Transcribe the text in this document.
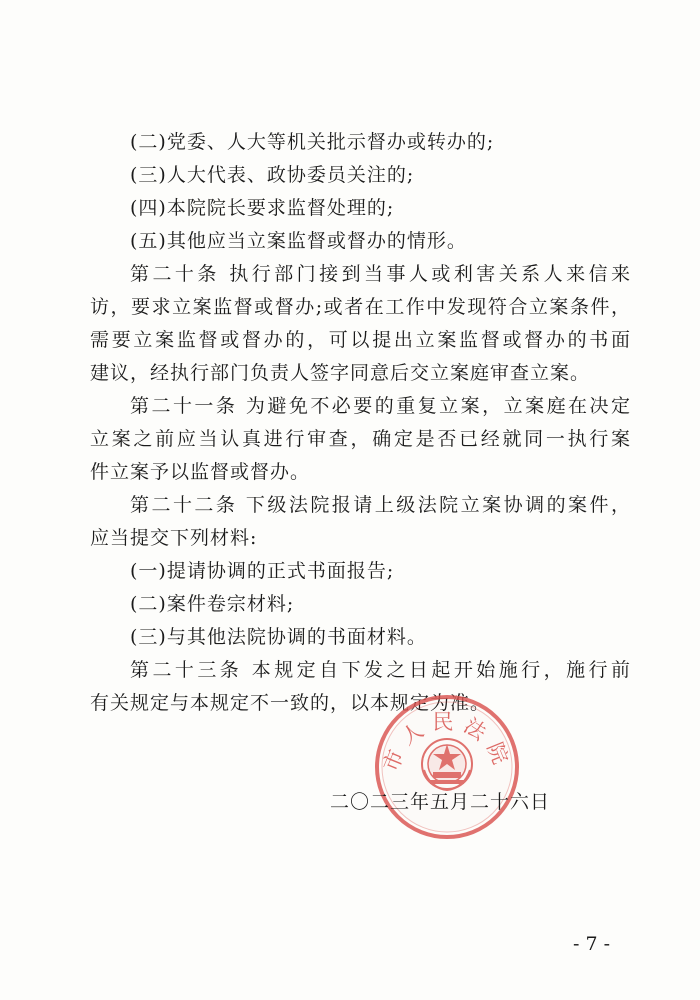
(二)党委、人大等机关批示督办或转办的;
(三)人大代表、政协委员关注的;
(四)本院院长要求监督处理的;
(五)其他应当立案监督或督办的情形。
第二十条 执行部门接到当事人或利害关系人来信来
访，要求立案监督或督办;或者在工作中发现符合立案条件，
需要立案监督或督办的，可以提出立案监督或督办的书面
建议，经执行部门负责人签字同意后交立案庭审查立案。
第二十一条 为避免不必要的重复立案，立案庭在决定
立案之前应当认真进行审查，确定是否已经就同一执行案
件立案予以监督或督办。
第二十二条 下级法院报请上级法院立案协调的案件，
应当提交下列材料:
(一)提请协调的正式书面报告;
(二)案件卷宗材料;
(三)与其他法院协调的书面材料。
第二十三条 本规定自下发之日起开始施行，施行前
有关规定与本规定不一致的，以本规定为准。
市人民法院
二〇二三年五月二十六日
- 7 -
